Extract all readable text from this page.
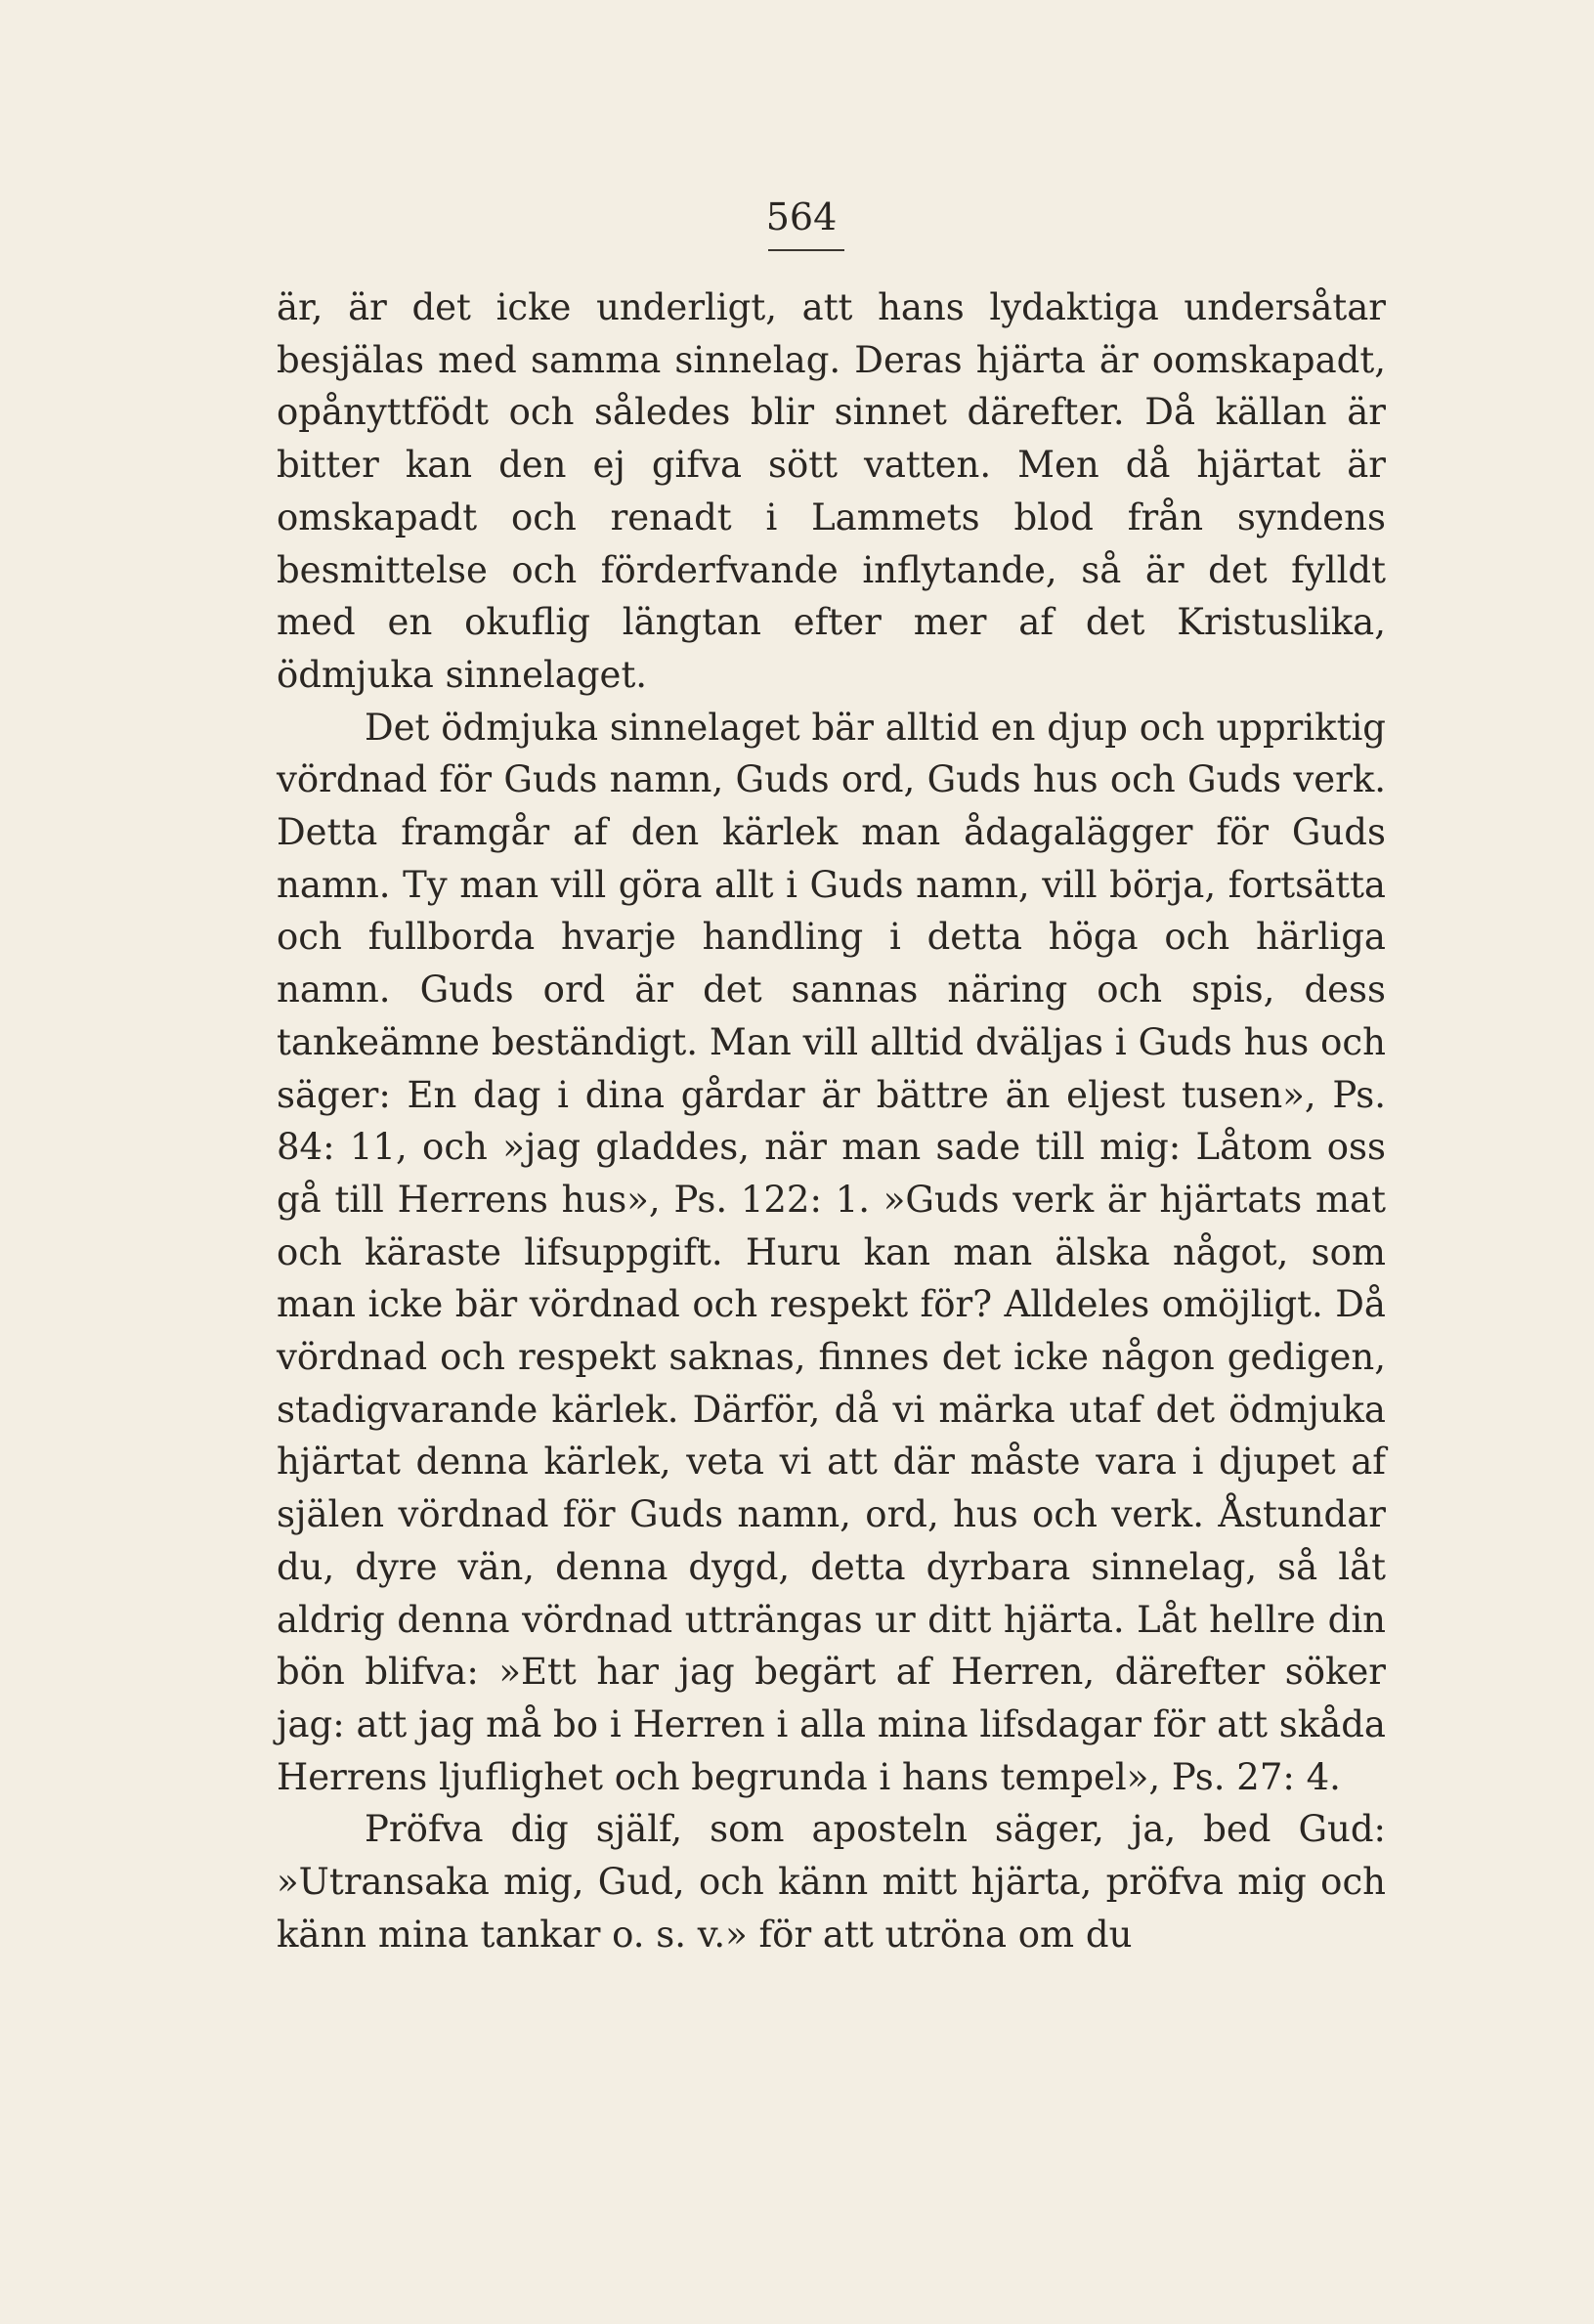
564

är, är det icke underligt, att hans lydaktiga undersåtar besjälas med samma sinnelag. Deras hjärta är oomskapadt, opånyttfödt och således blir sinnet därefter. Då källan är bitter kan den ej gifva sött vatten. Men då hjärtat är omskapadt och renadt i Lammets blod från syndens besmittelse och förderfvande inflytande, så är det fylldt med en okuflig längtan efter mer af det Kristuslika, ödmjuka sinnelaget.

Det ödmjuka sinnelaget bär alltid en djup och uppriktig vördnad för Guds namn, Guds ord, Guds hus och Guds verk. Detta framgår af den kärlek man ådagalägger för Guds namn. Ty man vill göra allt i Guds namn, vill börja, fortsätta och fullborda hvarje handling i detta höga och härliga namn. Guds ord är det sannas näring och spis, dess tankeämne beständigt. Man vill alltid dväljas i Guds hus och säger: En dag i dina gårdar är bättre än eljest tusen», Ps. 84: 11, och »jag gladdes, när man sade till mig: Låtom oss gå till Herrens hus», Ps. 122: 1. »Guds verk är hjärtats mat och käraste lifsuppgift. Huru kan man älska något, som man icke bär vördnad och respekt för? Alldeles omöjligt. Då vördnad och respekt saknas, finnes det icke någon gedigen, stadigvarande kärlek. Därför, då vi märka utaf det ödmjuka hjärtat denna kärlek, veta vi att där måste vara i djupet af själen vördnad för Guds namn, ord, hus och verk. Åstundar du, dyre vän, denna dygd, detta dyrbara sinnelag, så låt aldrig denna vördnad utträngas ur ditt hjärta. Låt hellre din bön blifva: »Ett har jag begärt af Herren, därefter söker jag: att jag må bo i Herren i alla mina lifsdagar för att skåda Herrens ljuflighet och begrunda i hans tempel», Ps. 27: 4.

Pröfva dig själf, som aposteln säger, ja, bed Gud: »Utransaka mig, Gud, och känn mitt hjärta, pröfva mig och känn mina tankar o. s. v.» för att utröna om du
